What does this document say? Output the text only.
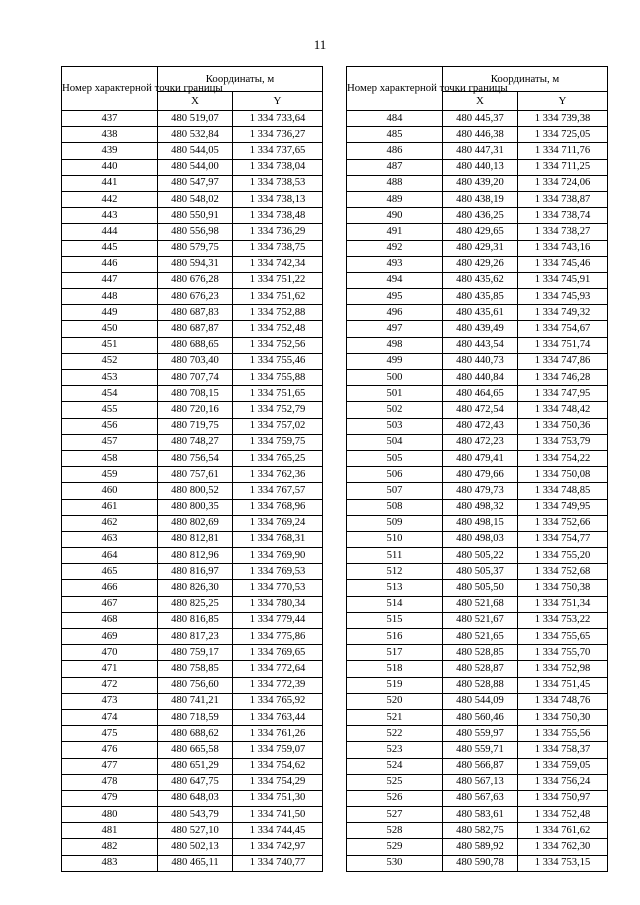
11
Номер характерной точки границы	Координаты, м	
	X	Y
437	480 519,07	1 334 733,64
438	480 532,84	1 334 736,27
439	480 544,05	1 334 737,65
440	480 544,00	1 334 738,04
441	480 547,97	1 334 738,53
442	480 548,02	1 334 738,13
443	480 550,91	1 334 738,48
444	480 556,98	1 334 736,29
445	480 579,75	1 334 738,75
446	480 594,31	1 334 742,34
447	480 676,28	1 334 751,22
448	480 676,23	1 334 751,62
449	480 687,83	1 334 752,88
450	480 687,87	1 334 752,48
451	480 688,65	1 334 752,56
452	480 703,40	1 334 755,46
453	480 707,74	1 334 755,88
454	480 708,15	1 334 751,65
455	480 720,16	1 334 752,79
456	480 719,75	1 334 757,02
457	480 748,27	1 334 759,75
458	480 756,54	1 334 765,25
459	480 757,61	1 334 762,36
460	480 800,52	1 334 767,57
461	480 800,35	1 334 768,96
462	480 802,69	1 334 769,24
463	480 812,81	1 334 768,31
464	480 812,96	1 334 769,90
465	480 816,97	1 334 769,53
466	480 826,30	1 334 770,53
467	480 825,25	1 334 780,34
468	480 816,85	1 334 779,44
469	480 817,23	1 334 775,86
470	480 759,17	1 334 769,65
471	480 758,85	1 334 772,64
472	480 756,60	1 334 772,39
473	480 741,21	1 334 765,92
474	480 718,59	1 334 763,44
475	480 688,62	1 334 761,26
476	480 665,58	1 334 759,07
477	480 651,29	1 334 754,62
478	480 647,75	1 334 754,29
479	480 648,03	1 334 751,30
480	480 543,79	1 334 741,50
481	480 527,10	1 334 744,45
482	480 502,13	1 334 742,97
483	480 465,11	1 334 740,77
Номер характерной точки границы	Координаты, м	
	X	Y
484	480 445,37	1 334 739,38
485	480 446,38	1 334 725,05
486	480 447,31	1 334 711,76
487	480 440,13	1 334 711,25
488	480 439,20	1 334 724,06
489	480 438,19	1 334 738,87
490	480 436,25	1 334 738,74
491	480 429,65	1 334 738,27
492	480 429,31	1 334 743,16
493	480 429,26	1 334 745,46
494	480 435,62	1 334 745,91
495	480 435,85	1 334 745,93
496	480 435,61	1 334 749,32
497	480 439,49	1 334 754,67
498	480 443,54	1 334 751,74
499	480 440,73	1 334 747,86
500	480 440,84	1 334 746,28
501	480 464,65	1 334 747,95
502	480 472,54	1 334 748,42
503	480 472,43	1 334 750,36
504	480 472,23	1 334 753,79
505	480 479,41	1 334 754,22
506	480 479,66	1 334 750,08
507	480 479,73	1 334 748,85
508	480 498,32	1 334 749,95
509	480 498,15	1 334 752,66
510	480 498,03	1 334 754,77
511	480 505,22	1 334 755,20
512	480 505,37	1 334 752,68
513	480 505,50	1 334 750,38
514	480 521,68	1 334 751,34
515	480 521,67	1 334 753,22
516	480 521,65	1 334 755,65
517	480 528,85	1 334 755,70
518	480 528,87	1 334 752,98
519	480 528,88	1 334 751,45
520	480 544,09	1 334 748,76
521	480 560,46	1 334 750,30
522	480 559,97	1 334 755,56
523	480 559,71	1 334 758,37
524	480 566,87	1 334 759,05
525	480 567,13	1 334 756,24
526	480 567,63	1 334 750,97
527	480 583,61	1 334 752,48
528	480 582,75	1 334 761,62
529	480 589,92	1 334 762,30
530	480 590,78	1 334 753,15
